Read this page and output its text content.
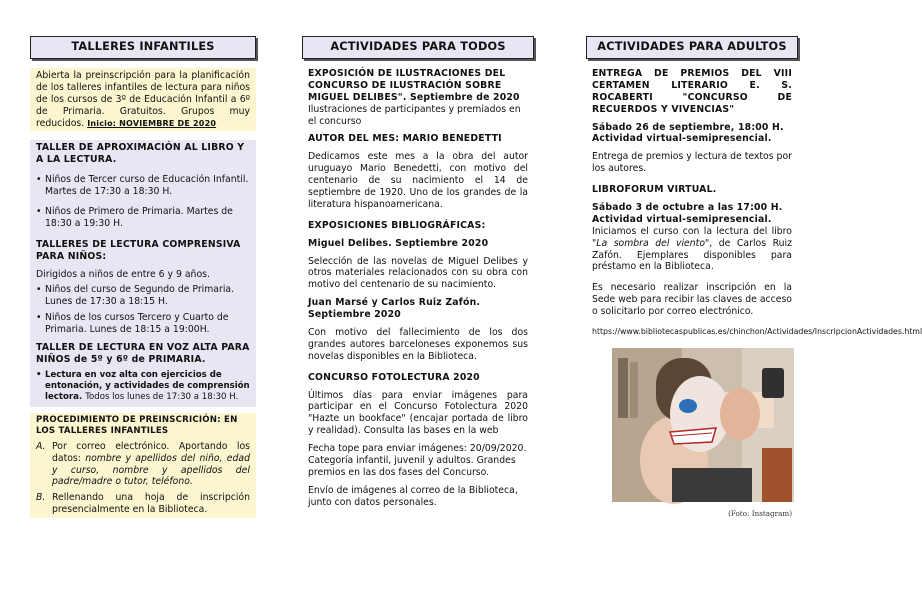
TALLERES INFANTILES
Abierta la preinscripción para la planificación de los talleres infantiles de lectura para niños de los cursos de 3º de Educación Infantil a 6º de Primaria. Gratuitos. Grupos muy reducidos. Inicio: NOVIEMBRE DE 2020
TALLER DE APROXIMACIÓN AL LIBRO Y A LA LECTURA.
• Niños de Tercer curso de Educación Infantil. Martes de 17:30 a 18:30 H.
• Niños de Primero de Primaria. Martes de 18:30 a 19:30 H.
TALLERES DE LECTURA COMPRENSIVA PARA NIÑOS:
Dirigidos a niños de entre 6 y 9 años.
• Niños del curso de Segundo de Primaria. Lunes de 17:30 a 18:15 H.
• Niños de los cursos Tercero y Cuarto de Primaria. Lunes de 18:15 a 19:00H.
TALLER DE LECTURA EN VOZ ALTA PARA NIÑOS de 5º y 6º de PRIMARIA.
• Lectura en voz alta con ejercicios de entonación, y actividades de comprensión lectora. Todos los lunes de 17:30 a 18:30 H.
PROCEDIMIENTO DE PREINSCRICIÓN: EN LOS TALLERES INFANTILES
A. Por correo electrónico. Aportando los datos: nombre y apellidos del niño, edad y curso, nombre y apellidos del padre/madre o tutor, teléfono.
B. Rellenando una hoja de inscripción presencialmente en la Biblioteca.
ACTIVIDADES PARA TODOS
EXPOSICIÓN DE ILUSTRACIONES DEL CONCURSO DE ILUSTRACIÓN SOBRE MIGUEL DELIBES". Septiembre de 2020
Ilustraciones de participantes y premiados en el concurso
AUTOR DEL MES: MARIO BENEDETTI
Dedicamos este mes a la obra del autor uruguayo Mario Benedetti, con motivo del centenario de su nacimiento el 14 de septiembre de 1920. Uno de los grandes de la literatura hispanoamericana.
EXPOSICIONES BIBLIOGRÁFICAS:
Miguel Delibes. Septiembre 2020
Selección de las novelas de Miguel Delibes y otros materiales relacionados con su obra con motivo del centenario de su nacimiento.
Juan Marsé y Carlos Ruiz Zafón. Septiembre 2020
Con motivo del fallecimiento de los dos grandes autores barceloneses exponemos sus novelas disponibles en la Biblioteca.
CONCURSO FOTOLECTURA 2020
Últimos días para enviar imágenes para participar en el Concurso Fotolectura 2020 "Hazte un bookface" (encajar portada de libro y realidad). Consulta las bases en la web
Fecha tope para enviar imágenes: 20/09/2020. Categoría infantil, juvenil y adultos. Grandes premios en las dos fases del Concurso.
Envío de imágenes al correo de la Biblioteca, junto con datos personales.
ACTIVIDADES PARA ADULTOS
ENTREGA DE PREMIOS DEL VIII CERTAMEN LITERARIO E. S. ROCABERTI "CONCURSO DE RECUERDOS Y VIVENCIAS"
Sábado 26 de septiembre, 18:00 H. Actividad virtual-semipresencial.
Entrega de premios y lectura de textos por los autores.
LIBROFORUM VIRTUAL.
Sábado 3 de octubre a las 17:00 H. Actividad virtual-semipresencial.
Iniciamos el curso con la lectura del libro "La sombra del viento", de Carlos Ruiz Zafón. Ejemplares disponibles para préstamo en la Biblioteca.
Es necesario realizar inscripción en la Sede web para recibir las claves de acceso o solicitarlo por correo electrónico.
https://www.bibliotecaspublicas.es/chinchon/Actividades/InscripcionActividades.html
(Foto: Instagram)
